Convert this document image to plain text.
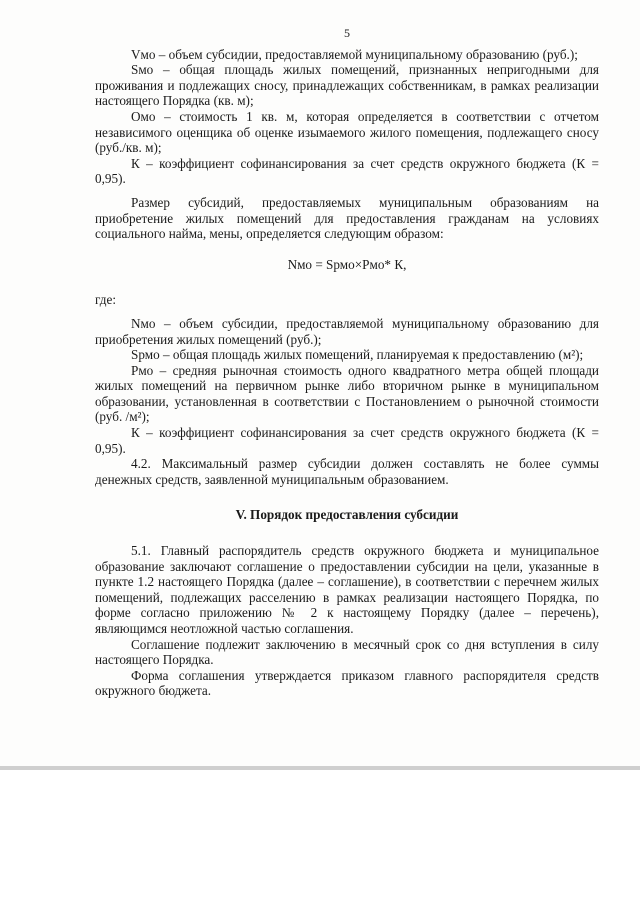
5

Vмо – объем субсидии, предоставляемой муниципальному образованию (руб.);

Sмо – общая площадь жилых помещений, признанных непригодными для проживания и подлежащих сносу, принадлежащих собственникам, в рамках реализации настоящего Порядка (кв. м);

Омо – стоимость 1 кв. м, которая определяется в соответствии с отчетом независимого оценщика об оценке изымаемого жилого помещения, подлежащего сносу (руб./кв. м);

К – коэффициент софинансирования за счет средств окружного бюджета (К = 0,95).

Размер субсидий, предоставляемых муниципальным образованиям на приобретение жилых помещений для предоставления гражданам на условиях социального найма, мены, определяется следующим образом:

Nмо = Sрмо×Рмо* К,

где:

Nмо – объем субсидии, предоставляемой муниципальному образованию для приобретения жилых помещений (руб.);

Sрмо – общая площадь жилых помещений, планируемая к предоставлению (м²);

Рмо – средняя рыночная стоимость одного квадратного метра общей площади жилых помещений на первичном рынке либо вторичном рынке в муниципальном образовании, установленная в соответствии с Постановлением о рыночной стоимости (руб. /м²);

К – коэффициент софинансирования за счет средств окружного бюджета (К = 0,95).

4.2. Максимальный размер субсидии должен составлять не более суммы денежных средств, заявленной муниципальным образованием.

V. Порядок предоставления субсидии

5.1. Главный распорядитель средств окружного бюджета и муниципальное образование заключают соглашение о предоставлении субсидии на цели, указанные в пункте 1.2 настоящего Порядка (далее – соглашение), в соответствии с перечнем жилых помещений, подлежащих расселению в рамках реализации настоящего Порядка, по форме согласно приложению № 2 к настоящему Порядку (далее – перечень), являющимся неотложной частью соглашения.

Соглашение подлежит заключению в месячный срок со дня вступления в силу настоящего Порядка.

Форма соглашения утверждается приказом главного распорядителя средств окружного бюджета.
